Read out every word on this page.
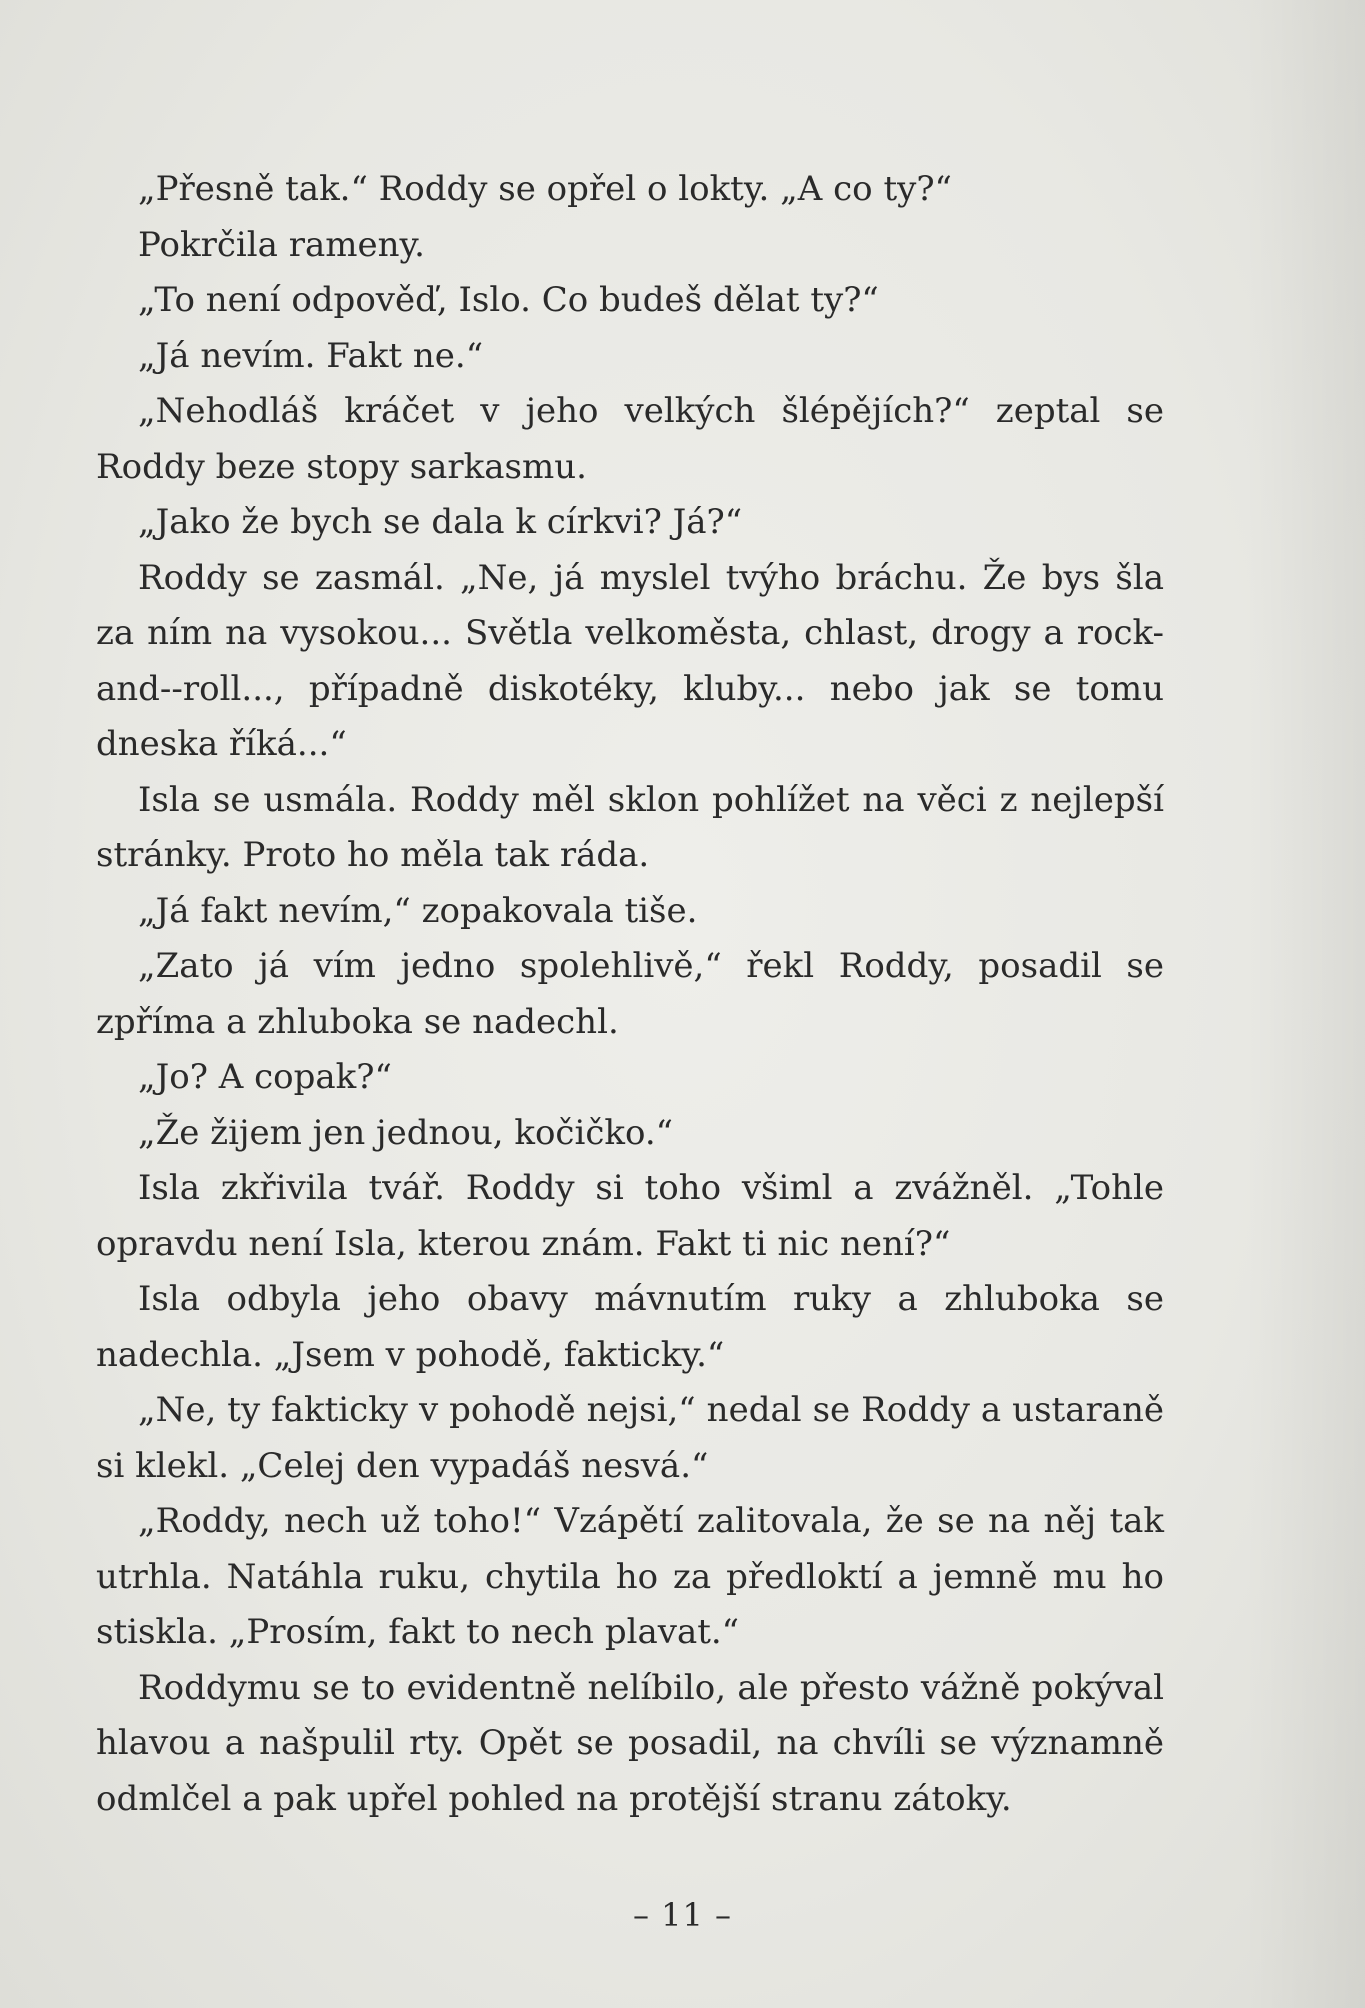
„Přesně tak.“ Roddy se opřel o lokty. „A co ty?“

Pokrčila rameny.

„To není odpověď, Islo. Co budeš dělat ty?“

„Já nevím. Fakt ne.“

„Nehodláš kráčet v jeho velkých šlépějích?“ zeptal se Roddy beze stopy sarkasmu.

„Jako že bych se dala k církvi? Já?“

Roddy se zasmál. „Ne, já myslel tvýho bráchu. Že bys šla za ním na vysokou... Světla velkoměsta, chlast, drogy a rock-and-‑roll..., případně diskotéky, kluby... nebo jak se tomu dneska říká...“

Isla se usmála. Roddy měl sklon pohlížet na věci z nejlepší stránky. Proto ho měla tak ráda.

„Já fakt nevím,“ zopakovala tiše.

„Zato já vím jedno spolehlivě,“ řekl Roddy, posadil se zpříma a zhluboka se nadechl.

„Jo? A copak?“

„Že žijem jen jednou, kočičko.“

Isla zkřivila tvář. Roddy si toho všiml a zvážněl. „Tohle opravdu není Isla, kterou znám. Fakt ti nic není?“

Isla odbyla jeho obavy mávnutím ruky a zhluboka se nadechla. „Jsem v pohodě, fakticky.“

„Ne, ty fakticky v pohodě nejsi,“ nedal se Roddy a ustaraně si klekl. „Celej den vypadáš nesvá.“

„Roddy, nech už toho!“ Vzápětí zalitovala, že se na něj tak utrhla. Natáhla ruku, chytila ho za předloktí a jemně mu ho stiskla. „Prosím, fakt to nech plavat.“

Roddymu se to evidentně nelíbilo, ale přesto vážně pokýval hlavou a našpulil rty. Opět se posadil, na chvíli se významně odmlčel a pak upřel pohled na protější stranu zátoky.

– 11 –
